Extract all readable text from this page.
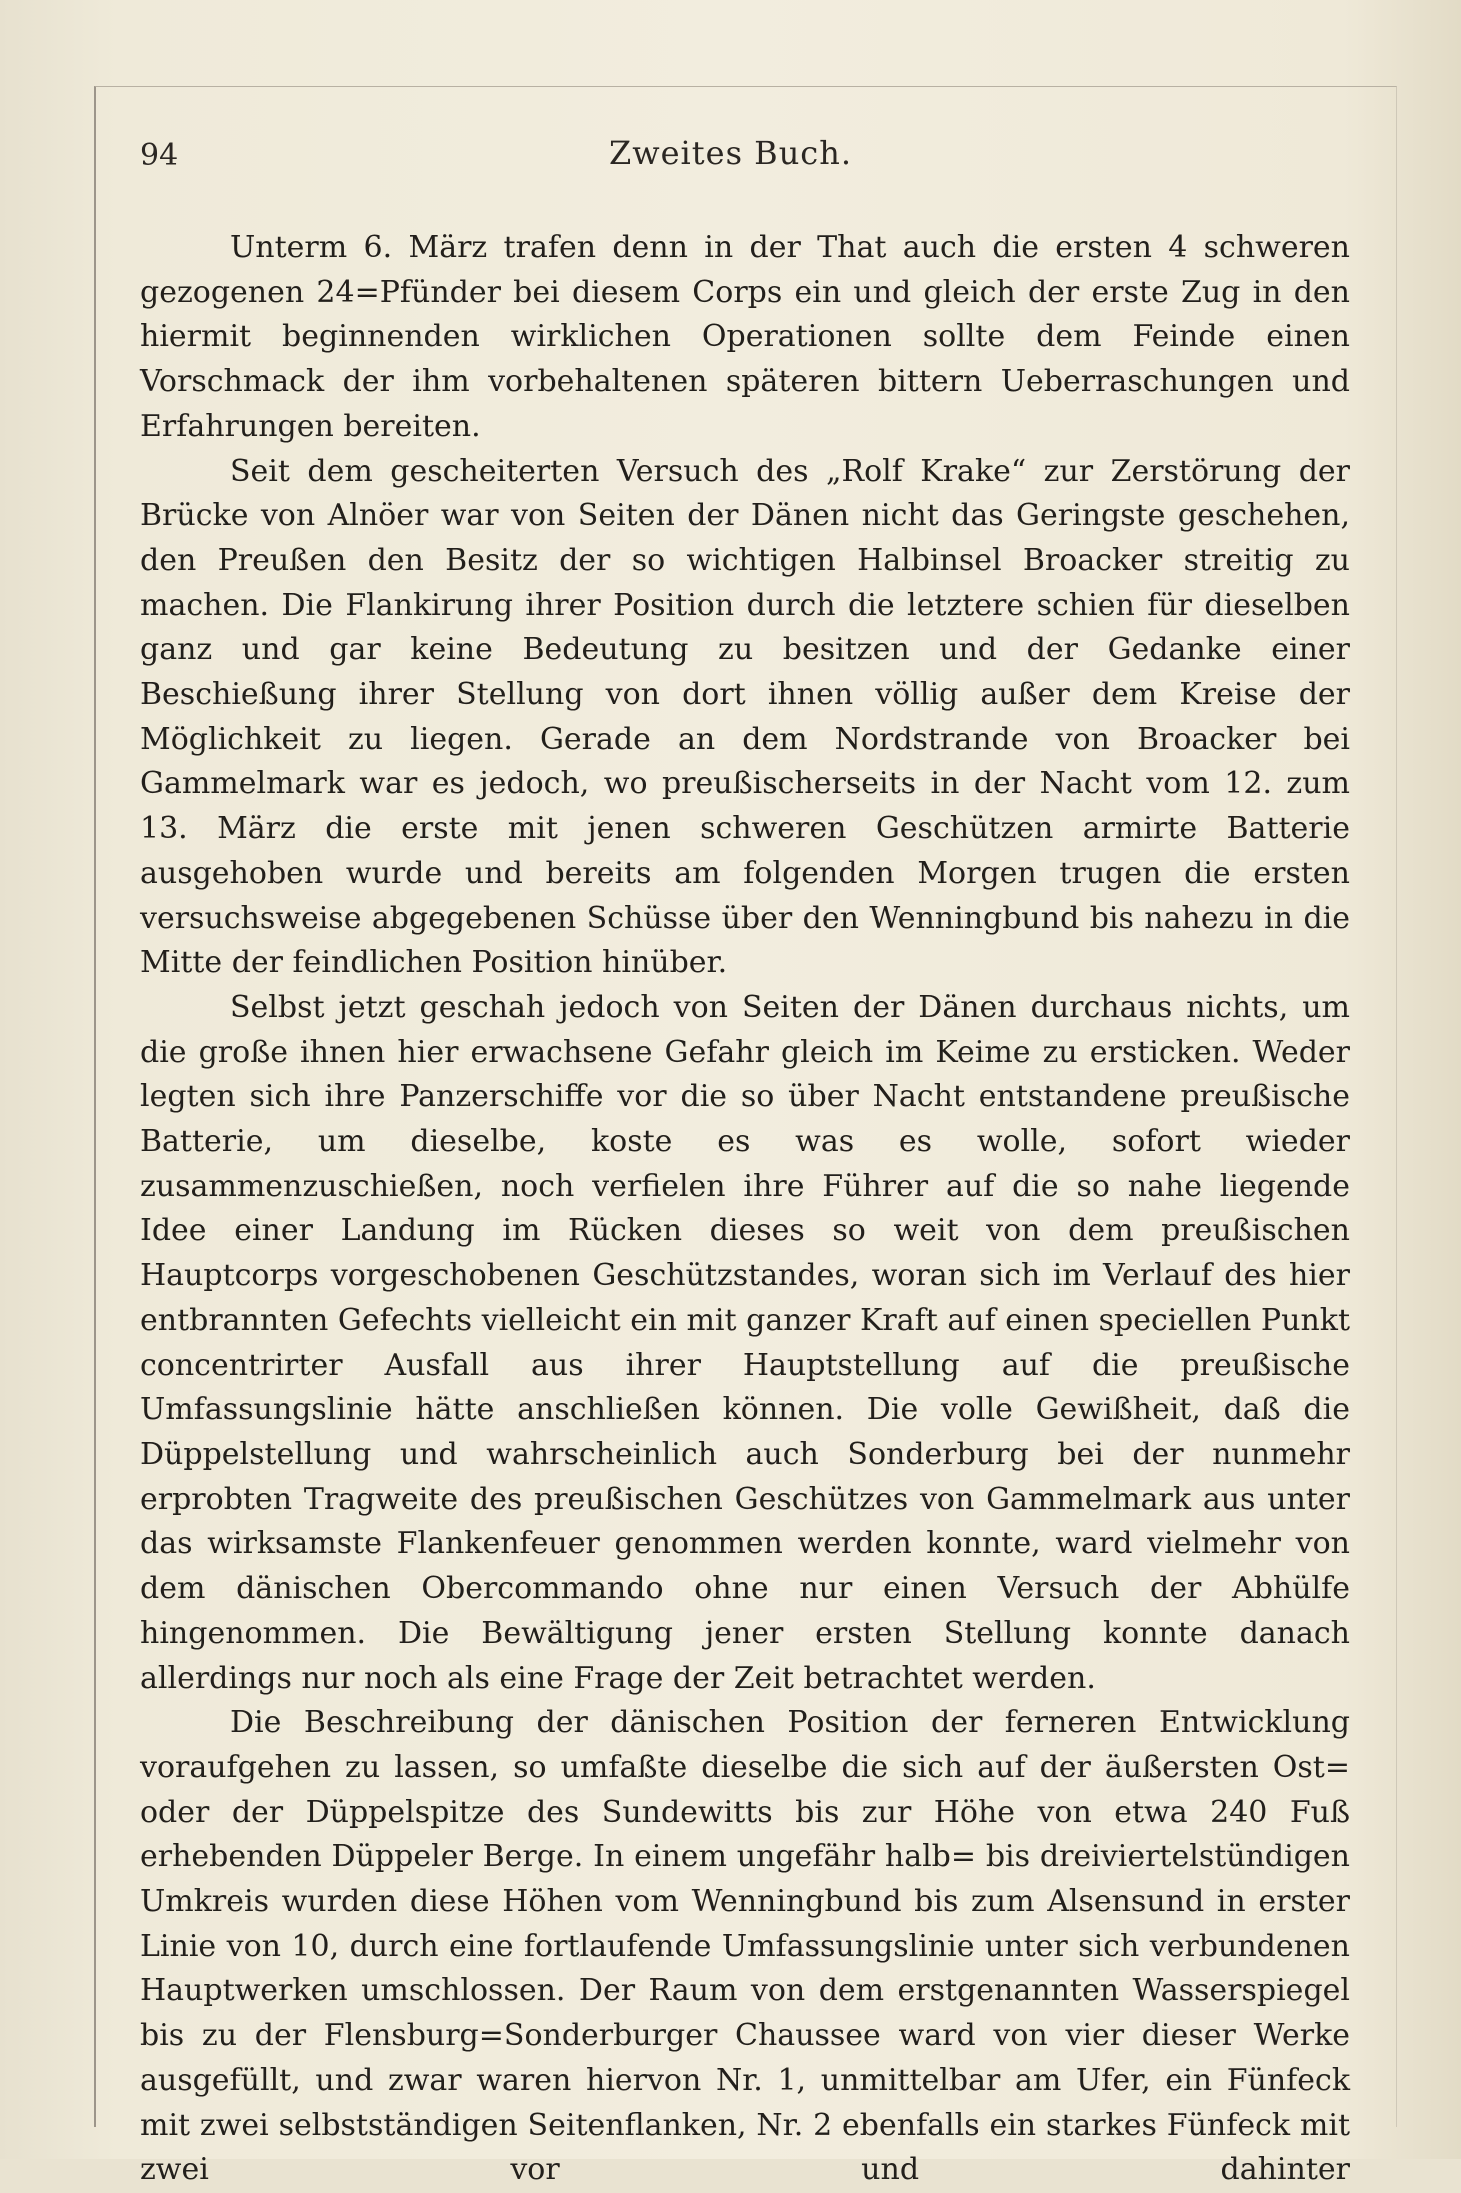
94	Zweites Buch.

Unterm 6. März trafen denn in der That auch die ersten 4 schweren gezogenen 24=Pfünder bei diesem Corps ein und gleich der erste Zug in den hiermit beginnenden wirklichen Operationen sollte dem Feinde einen Vorschmack der ihm vorbehaltenen späteren bittern Ueberraschungen und Erfahrungen bereiten.

Seit dem gescheiterten Versuch des „Rolf Krake“ zur Zerstörung der Brücke von Alnöer war von Seiten der Dänen nicht das Geringste geschehen, den Preußen den Besitz der so wichtigen Halbinsel Broacker streitig zu machen. Die Flankirung ihrer Position durch die letztere schien für dieselben ganz und gar keine Bedeutung zu besitzen und der Gedanke einer Beschießung ihrer Stellung von dort ihnen völlig außer dem Kreise der Möglichkeit zu liegen. Gerade an dem Nordstrande von Broacker bei Gammelmark war es jedoch, wo preußischerseits in der Nacht vom 12. zum 13. März die erste mit jenen schweren Geschützen armirte Batterie ausgehoben wurde und bereits am folgenden Morgen trugen die ersten versuchsweise abgegebenen Schüsse über den Wenningbund bis nahezu in die Mitte der feindlichen Position hinüber.

Selbst jetzt geschah jedoch von Seiten der Dänen durchaus nichts, um die große ihnen hier erwachsene Gefahr gleich im Keime zu ersticken. Weder legten sich ihre Panzerschiffe vor die so über Nacht entstandene preußische Batterie, um dieselbe, koste es was es wolle, sofort wieder zusammenzuschießen, noch verfielen ihre Führer auf die so nahe liegende Idee einer Landung im Rücken dieses so weit von dem preußischen Hauptcorps vorgeschobenen Geschützstandes, woran sich im Verlauf des hier entbrannten Gefechts vielleicht ein mit ganzer Kraft auf einen speciellen Punkt concentrirter Ausfall aus ihrer Hauptstellung auf die preußische Umfassungslinie hätte anschließen können. Die volle Gewißheit, daß die Düppelstellung und wahrscheinlich auch Sonderburg bei der nunmehr erprobten Tragweite des preußischen Geschützes von Gammelmark aus unter das wirksamste Flankenfeuer genommen werden konnte, ward vielmehr von dem dänischen Obercommando ohne nur einen Versuch der Abhülfe hingenommen. Die Bewältigung jener ersten Stellung konnte danach allerdings nur noch als eine Frage der Zeit betrachtet werden.

Die Beschreibung der dänischen Position der ferneren Entwicklung voraufgehen zu lassen, so umfaßte dieselbe die sich auf der äußersten Ost= oder der Düppelspitze des Sundewitts bis zur Höhe von etwa 240 Fuß erhebenden Düppeler Berge. In einem ungefähr halb= bis dreiviertelstündigen Umkreis wurden diese Höhen vom Wenningbund bis zum Alsensund in erster Linie von 10, durch eine fortlaufende Umfassungslinie unter sich verbundenen Hauptwerken umschlossen. Der Raum von dem erstgenannten Wasserspiegel bis zu der Flensburg=Sonderburger Chaussee ward von vier dieser Werke ausgefüllt, und zwar waren hiervon Nr. 1, unmittelbar am Ufer, ein Fünfeck mit zwei selbstständigen Seitenflanken, Nr. 2 ebenfalls ein starkes Fünfeck mit zwei vor und dahinter
